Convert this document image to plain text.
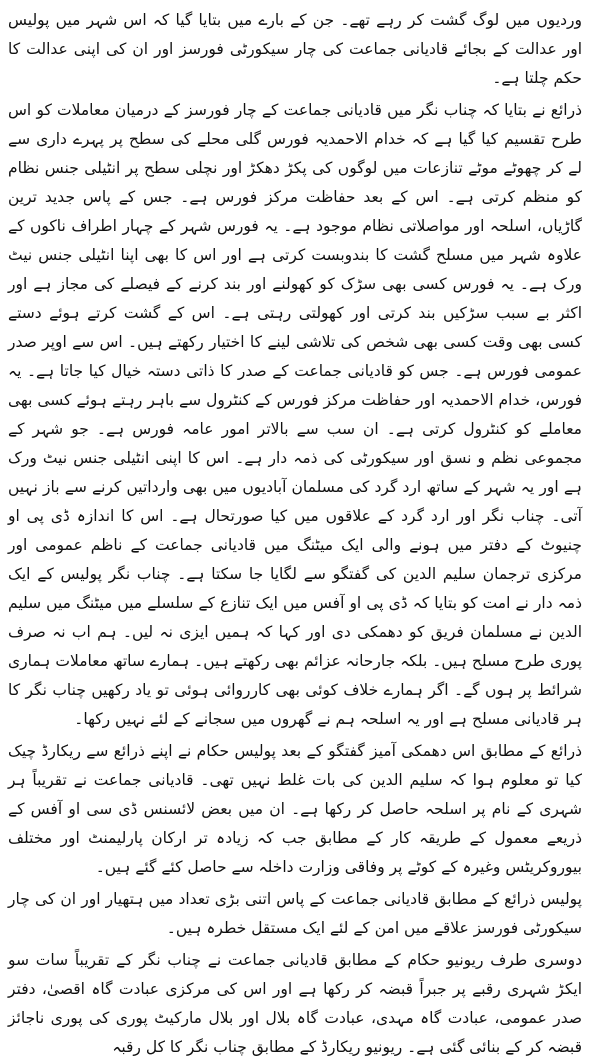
وردیوں میں لوگ گشت کر رہے تھے۔ جن کے بارے میں بتایا گیا کہ اس شہر میں پولیس اور عدالت کے بجائے قادیانی جماعت کی چار سیکورٹی فورسز اور ان کی اپنی عدالت کا حکم چلتا ہے۔

ذرائع نے بتایا کہ چناب نگر میں قادیانی جماعت کے چار فورسز کے درمیان معاملات کو اس طرح تقسیم کیا گیا ہے کہ خدام الاحمدیہ فورس گلی محلے کی سطح پر پہرے داری سے لے کر چھوٹے موٹے تنازعات میں لوگوں کی پکڑ دھکڑ اور نچلی سطح پر انٹیلی جنس نظام کو منظم کرتی ہے۔ اس کے بعد حفاظت مرکز فورس ہے۔ جس کے پاس جدید ترین گاڑیاں، اسلحہ اور مواصلاتی نظام موجود ہے۔ یہ فورس شہر کے چہار اطراف ناکوں کے علاوہ شہر میں مسلح گشت کا بندوبست کرتی ہے اور اس کا بھی اپنا انٹیلی جنس نیٹ ورک ہے۔ یہ فورس کسی بھی سڑک کو کھولنے اور بند کرنے کے فیصلے کی مجاز ہے اور اکثر بے سبب سڑکیں بند کرتی اور کھولتی رہتی ہے۔ اس کے گشت کرتے ہوئے دستے کسی بھی وقت کسی بھی شخص کی تلاشی لینے کا اختیار رکھتے ہیں۔ اس سے اوپر صدر عمومی فورس ہے۔ جس کو قادیانی جماعت کے صدر کا ذاتی دستہ خیال کیا جاتا ہے۔ یہ فورس، خدام الاحمدیہ اور حفاظت مرکز فورس کے کنٹرول سے باہر رہتے ہوئے کسی بھی معاملے کو کنٹرول کرتی ہے۔ ان سب سے بالاتر امور عامہ فورس ہے۔ جو شہر کے مجموعی نظم و نسق اور سیکورٹی کی ذمہ دار ہے۔ اس کا اپنی انٹیلی جنس نیٹ ورک ہے اور یہ شہر کے ساتھ ارد گرد کی مسلمان آبادیوں میں بھی وارداتیں کرنے سے باز نہیں آتی۔ چناب نگر اور ارد گرد کے علاقوں میں کیا صورتحال ہے۔ اس کا اندازہ ڈی پی او چنیوٹ کے دفتر میں ہونے والی ایک میٹنگ میں قادیانی جماعت کے ناظم عمومی اور مرکزی ترجمان سلیم الدین کی گفتگو سے لگایا جا سکتا ہے۔ چناب نگر پولیس کے ایک ذمہ دار نے امت کو بتایا کہ ڈی پی او آفس میں ایک تنازع کے سلسلے میں میٹنگ میں سلیم الدین نے مسلمان فریق کو دھمکی دی اور کہا کہ ہمیں ایزی نہ لیں۔ ہم اب نہ صرف پوری طرح مسلح ہیں۔ بلکہ جارحانہ عزائم بھی رکھتے ہیں۔ ہمارے ساتھ معاملات ہماری شرائط پر ہوں گے۔ اگر ہمارے خلاف کوئی بھی کارروائی ہوئی تو یاد رکھیں چناب نگر کا ہر قادیانی مسلح ہے اور یہ اسلحہ ہم نے گھروں میں سجانے کے لئے نہیں رکھا۔

ذرائع کے مطابق اس دھمکی آمیز گفتگو کے بعد پولیس حکام نے اپنے ذرائع سے ریکارڈ چیک کیا تو معلوم ہوا کہ سلیم الدین کی بات غلط نہیں تھی۔ قادیانی جماعت نے تقریباً ہر شہری کے نام پر اسلحہ حاصل کر رکھا ہے۔ ان میں بعض لائسنس ڈی سی او آفس کے ذریعے معمول کے طریقہ کار کے مطابق جب کہ زیادہ تر ارکان پارلیمنٹ اور مختلف بیوروکریٹس وغیرہ کے کوٹے پر وفاقی وزارت داخلہ سے حاصل کئے گئے ہیں۔

پولیس ذرائع کے مطابق قادیانی جماعت کے پاس اتنی بڑی تعداد میں ہتھیار اور ان کی چار سیکورٹی فورسز علاقے میں امن کے لئے ایک مستقل خطرہ ہیں۔

دوسری طرف ریونیو حکام کے مطابق قادیانی جماعت نے چناب نگر کے تقریباً سات سو ایکڑ شہری رقبے پر جبراً قبضہ کر رکھا ہے اور اس کی مرکزی عبادت گاہ اقصیٰ، دفتر صدر عمومی، عبادت گاہ مہدی، عبادت گاہ بلال اور بلال مارکیٹ پوری کی پوری ناجائز قبضہ کر کے بنائی گئی ہے۔ ریونیو ریکارڈ کے مطابق چناب نگر کا کل رقبہ
